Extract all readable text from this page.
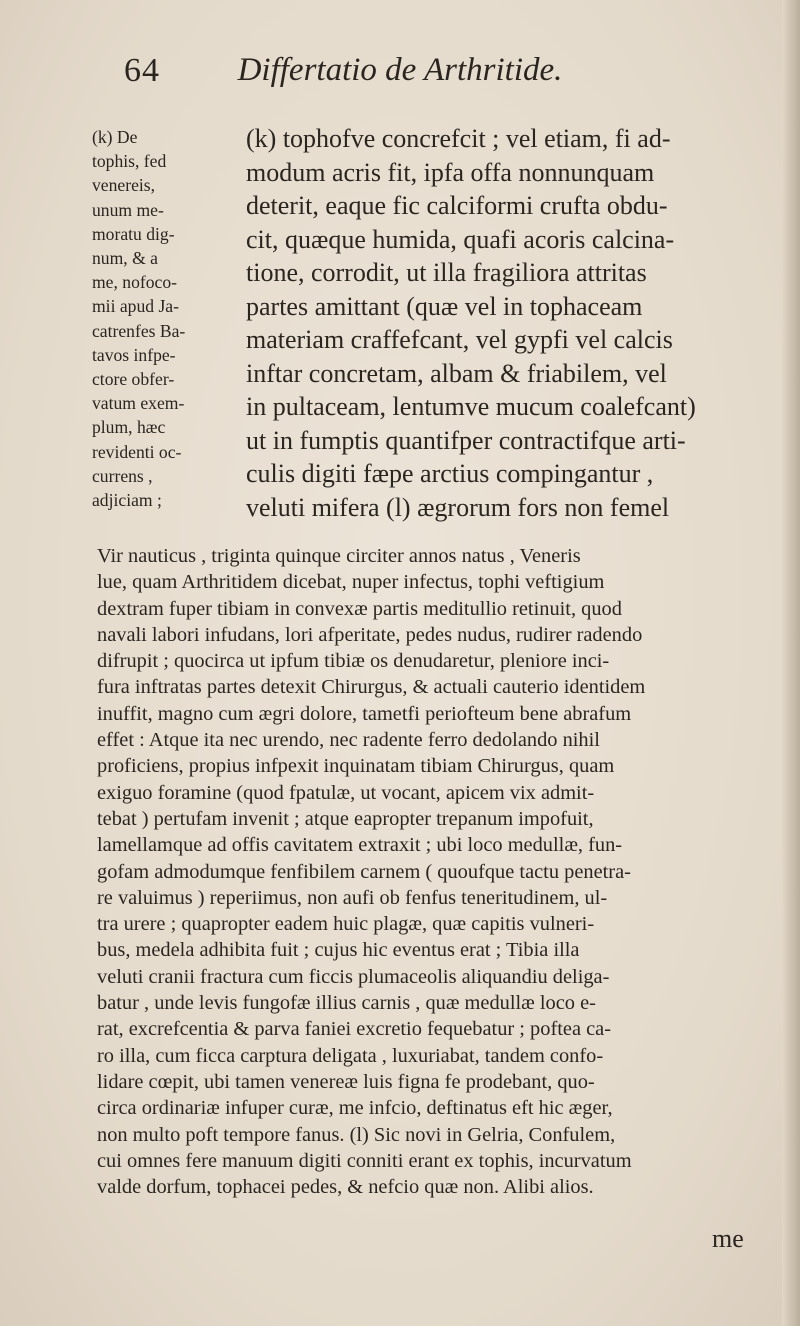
64	Differtatio de Arthritide.
(k) De
tophis, fed
venereis,
unum me-
moratu dig-
num, & a
me, nofoco-
mii apud Ja-
catrenfes Ba-
tavos infpe-
ctore obfer-
vatum exem-
plum, hæc
revidenti oc-
currens ,
adjiciam ;
(k) tophofve concrefcit ; vel etiam, fi ad-
modum acris fit, ipfa offa nonnunquam
deterit, eaque fic calciformi crufta obdu-
cit, quæque humida, quafi acoris calcina-
tione, corrodit, ut illa fragiliora attritas
partes amittant (quæ vel in tophaceam
materiam craffefcant, vel gypfi vel calcis
inftar concretam, albam & friabilem, vel
in pultaceam, lentumve mucum coalefcant)
ut in fumptis quantifper contractifque arti-
culis digiti fæpe arctius compingantur ,
veluti mifera (l) ægrorum fors non femel
Vir nauticus , triginta quinque circiter annos natus , Veneris
lue, quam Arthritidem dicebat, nuper infectus, tophi veftigium
dextram fuper tibiam in convexæ partis meditullio retinuit, quod
navali labori infudans, lori afperitate, pedes nudus, rudirer radendo
difrupit ; quocirca ut ipfum tibiæ os denudaretur, pleniore inci-
fura inftratas partes detexit Chirurgus, & actuali cauterio identidem
inuffit, magno cum ægri dolore, tametfi periofteum bene abrafum
effet : Atque ita nec urendo, nec radente ferro dedolando nihil
proficiens, propius infpexit inquinatam tibiam Chirurgus, quam
exiguo foramine (quod fpatulæ, ut vocant, apicem vix admit-
tebat ) pertufam invenit ; atque eapropter trepanum impofuit,
lamellamque ad offis cavitatem extraxit ; ubi loco medullæ, fun-
gofam admodumque fenfibilem carnem ( quoufque tactu penetra-
re valuimus ) reperiimus, non aufi ob fenfus teneritudinem, ul-
tra urere ; quapropter eadem huic plagæ, quæ capitis vulneri-
bus, medela adhibita fuit ; cujus hic eventus erat ; Tibia illa
veluti cranii fractura cum ficcis plumaceolis aliquandiu deliga-
batur , unde levis fungofæ illius carnis , quæ medullæ loco e-
rat, excrefcentia & parva faniei excretio fequebatur ; poftea ca-
ro illa, cum ficca carptura deligata , luxuriabat, tandem confo-
lidare cœpit, ubi tamen venereæ luis figna fe prodebant, quo-
circa ordinariæ infuper curæ, me infcio, deftinatus eft hic æger,
non multo poft tempore fanus. (l) Sic novi in Gelria, Confulem,
cui omnes fere manuum digiti conniti erant ex tophis, incurvatum
valde dorfum, tophacei pedes, & nefcio quæ non. Alibi alios.
me
